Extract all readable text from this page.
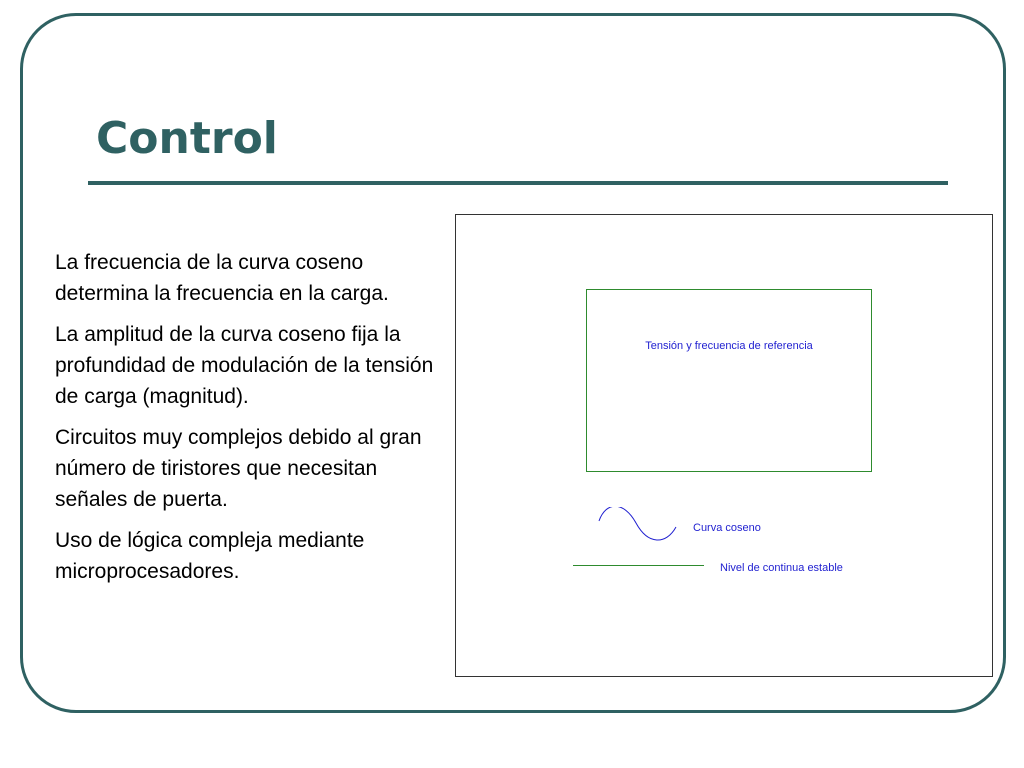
Control
La frecuencia de la curva coseno determina la frecuencia en la carga.
La amplitud de la curva coseno fija la profundidad de modulación de la tensión de carga (magnitud).
Circuitos muy complejos debido al gran número de tiristores que necesitan señales de puerta.
Uso de lógica compleja mediante microprocesadores.
Tensión y frecuencia de referencia
Curva coseno
Nivel de continua estable
